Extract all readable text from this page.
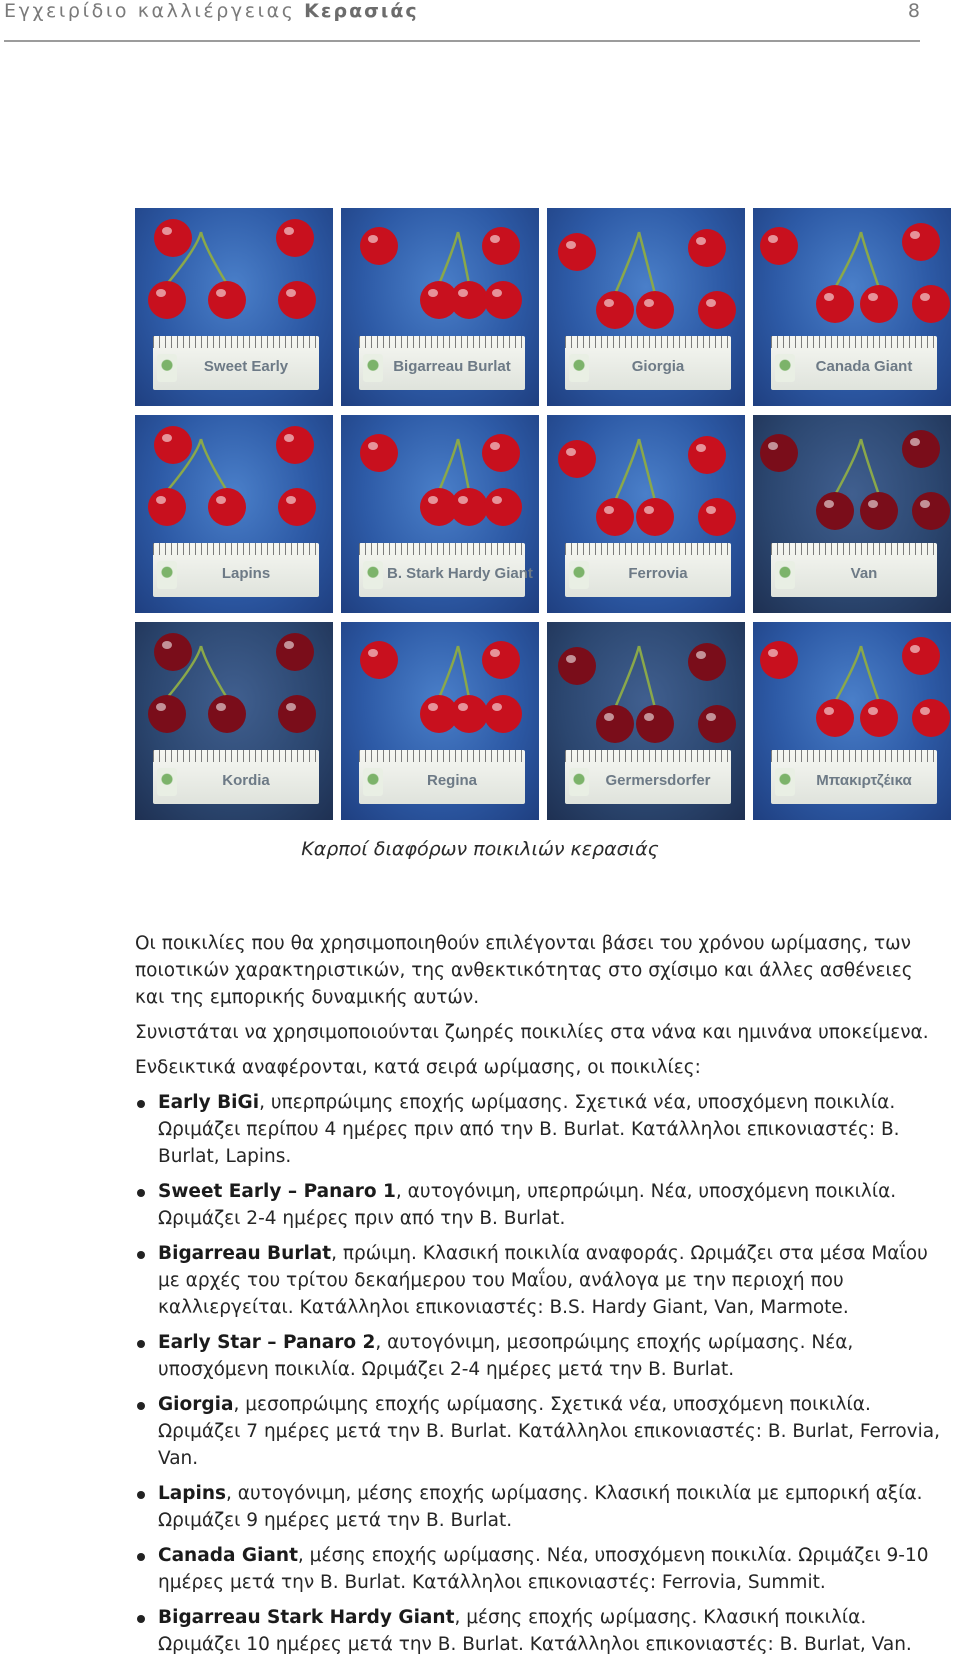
Εγχειρίδιο καλλιέργειας Κερασιάς	8
Sweet Early	Bigarreau Burlat	Giorgia	Canada Giant
Lapins	B. Stark Hardy Giant	Ferrovia	Van
Kordia	Regina	Germersdorfer	Μπακιρτζέικα
Καρποί διαφόρων ποικιλιών κερασιάς

Οι ποικιλίες που θα χρησιμοποιηθούν επιλέγονται βάσει του χρόνου ωρίμασης, των ποιοτικών χαρακτηριστικών, της ανθεκτικότητας στο σχίσιμο και άλλες ασθένειες και της εμπορικής δυναμικής αυτών.

Συνιστάται να χρησιμοποιούνται ζωηρές ποικιλίες στα νάνα και ημινάνα υποκείμενα.

Ενδεικτικά αναφέρονται, κατά σειρά ωρίμασης, οι ποικιλίες:

Early BiGi, υπερπρώιμης εποχής ωρίμασης. Σχετικά νέα, υποσχόμενη ποικιλία. Ωριμάζει περίπου 4 ημέρες πριν από την B. Burlat. Κατάλληλοι επικονιαστές: B. Burlat, Lapins.
Sweet Early – Panaro 1, αυτογόνιμη, υπερπρώιμη. Νέα, υποσχόμενη ποικιλία. Ωριμάζει 2-4 ημέρες πριν από την B. Burlat.
Bigarreau Burlat, πρώιμη. Κλασική ποικιλία αναφοράς. Ωριμάζει στα μέσα Μαΐου με αρχές του τρίτου δεκαήμερου του Μαΐου, ανάλογα με την περιοχή που καλλιεργείται. Κατάλληλοι επικονιαστές: B.S. Hardy Giant, Van, Marmote.
Early Star – Panaro 2, αυτογόνιμη, μεσοπρώιμης εποχής ωρίμασης. Νέα, υποσχόμενη ποικιλία. Ωριμάζει 2-4 ημέρες μετά την B. Burlat.
Giorgia, μεσοπρώιμης εποχής ωρίμασης. Σχετικά νέα, υποσχόμενη ποικιλία. Ωριμάζει 7 ημέρες μετά την B. Burlat. Κατάλληλοι επικονιαστές: B. Burlat, Ferrovia, Van.
Lapins, αυτογόνιμη, μέσης εποχής ωρίμασης. Κλασική ποικιλία με εμπορική αξία. Ωριμάζει 9 ημέρες μετά την B. Burlat.
Canada Giant, μέσης εποχής ωρίμασης. Νέα, υποσχόμενη ποικιλία. Ωριμάζει 9-10 ημέρες μετά την B. Burlat. Κατάλληλοι επικονιαστές: Ferrovia, Summit.
Bigarreau Stark Hardy Giant, μέσης εποχής ωρίμασης. Κλασική ποικιλία. Ωριμάζει 10 ημέρες μετά την B. Burlat. Κατάλληλοι επικονιαστές: B. Burlat, Van.
